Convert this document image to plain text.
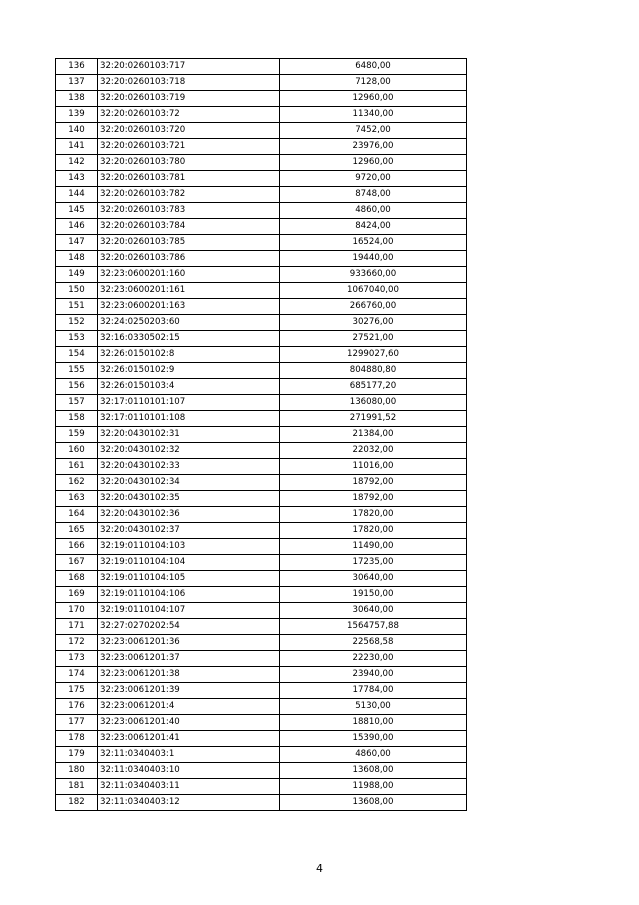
136	32:20:0260103:717	6480,00
137	32:20:0260103:718	7128,00
138	32:20:0260103:719	12960,00
139	32:20:0260103:72	11340,00
140	32:20:0260103:720	7452,00
141	32:20:0260103:721	23976,00
142	32:20:0260103:780	12960,00
143	32:20:0260103:781	9720,00
144	32:20:0260103:782	8748,00
145	32:20:0260103:783	4860,00
146	32:20:0260103:784	8424,00
147	32:20:0260103:785	16524,00
148	32:20:0260103:786	19440,00
149	32:23:0600201:160	933660,00
150	32:23:0600201:161	1067040,00
151	32:23:0600201:163	266760,00
152	32:24:0250203:60	30276,00
153	32:16:0330502:15	27521,00
154	32:26:0150102:8	1299027,60
155	32:26:0150102:9	804880,80
156	32:26:0150103:4	685177,20
157	32:17:0110101:107	136080,00
158	32:17:0110101:108	271991,52
159	32:20:0430102:31	21384,00
160	32:20:0430102:32	22032,00
161	32:20:0430102:33	11016,00
162	32:20:0430102:34	18792,00
163	32:20:0430102:35	18792,00
164	32:20:0430102:36	17820,00
165	32:20:0430102:37	17820,00
166	32:19:0110104:103	11490,00
167	32:19:0110104:104	17235,00
168	32:19:0110104:105	30640,00
169	32:19:0110104:106	19150,00
170	32:19:0110104:107	30640,00
171	32:27:0270202:54	1564757,88
172	32:23:0061201:36	22568,58
173	32:23:0061201:37	22230,00
174	32:23:0061201:38	23940,00
175	32:23:0061201:39	17784,00
176	32:23:0061201:4	5130,00
177	32:23:0061201:40	18810,00
178	32:23:0061201:41	15390,00
179	32:11:0340403:1	4860,00
180	32:11:0340403:10	13608,00
181	32:11:0340403:11	11988,00
182	32:11:0340403:12	13608,00
4
